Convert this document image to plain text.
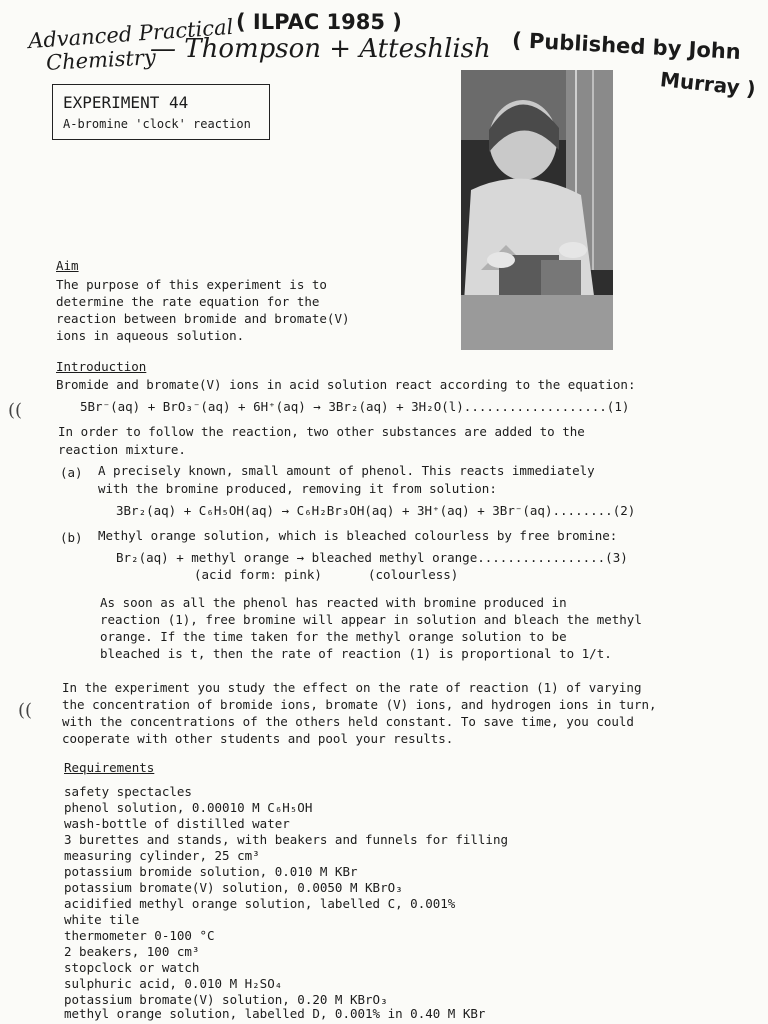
Advanced Practical
Chemistry
( ILPAC 1985 )
— Thompson + Atteshlish ( Published by John
Murray )
EXPERIMENT 44
A-bromine 'clock' reaction
Aim
The purpose of this experiment is to
determine the rate equation for the
reaction between bromide and bromate(V)
ions in aqueous solution.
Introduction
Bromide and bromate(V) ions in acid solution react according to the equation:
5Br⁻(aq) + BrO₃⁻(aq) + 6H⁺(aq) → 3Br₂(aq) + 3H₂O(l)...................(1)
In order to follow the reaction, two other substances are added to the
reaction mixture.
(a) A precisely known, small amount of phenol. This reacts immediately
with the bromine produced, removing it from solution:
3Br₂(aq) + C₆H₅OH(aq) → C₆H₂Br₃OH(aq) + 3H⁺(aq) + 3Br⁻(aq)........(2)
(b) Methyl orange solution, which is bleached colourless by free bromine:
Br₂(aq) + methyl orange → bleached methyl orange.................(3)
(acid form: pink)	(colourless)
As soon as all the phenol has reacted with bromine produced in
reaction (1), free bromine will appear in solution and bleach the methyl
orange. If the time taken for the methyl orange solution to be
bleached is t, then the rate of reaction (1) is proportional to 1/t.
In the experiment you study the effect on the rate of reaction (1) of varying
the concentration of bromide ions, bromate (V) ions, and hydrogen ions in turn,
with the concentrations of the others held constant. To save time, you could
cooperate with other students and pool your results.
Requirements
safety spectacles
phenol solution, 0.00010 M C₆H₅OH
wash-bottle of distilled water
3 burettes and stands, with beakers and funnels for filling
measuring cylinder, 25 cm³
potassium bromide solution, 0.010 M KBr
potassium bromate(V) solution, 0.0050 M KBrO₃
acidified methyl orange solution, labelled C, 0.001%
white tile
thermometer 0-100 °C
2 beakers, 100 cm³
stopclock or watch
sulphuric acid, 0.010 M H₂SO₄
potassium bromate(V) solution, 0.20 M KBrO₃
methyl orange solution, labelled D, 0.001% in 0.40 M KBr
((
((
